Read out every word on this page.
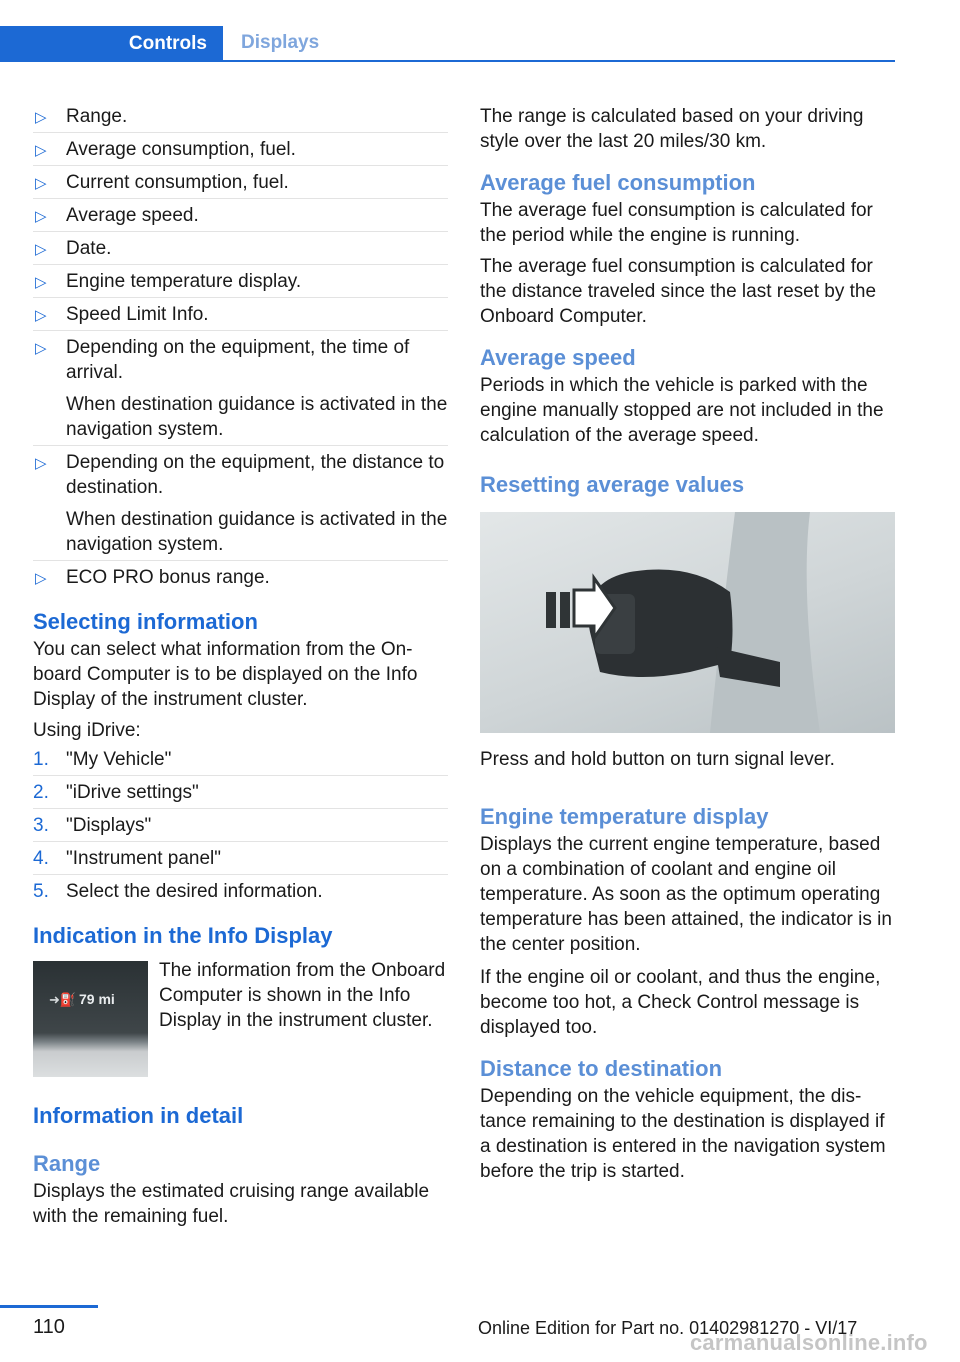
Controls Displays
▷ Range.
▷ Average consumption, fuel.
▷ Current consumption, fuel.
▷ Average speed.
▷ Date.
▷ Engine temperature display.
▷ Speed Limit Info.
▷ Depending on the equipment, the time of arrival.

When destination guidance is activated in the navigation system.

▷ Depending on the equipment, the distance to destination.

When destination guidance is activated in the navigation system.

▷ ECO PRO bonus range.
Selecting information

You can select what information from the Onboard Computer is to be displayed on the Info Display of the instrument cluster.

Using iDrive:

1. "My Vehicle"
2. "iDrive settings"
3. "Displays"
4. "Instrument panel"
5. Select the desired information.
Indication in the Info Display
➜⛽ 79 mi

The information from the Onboard Computer is shown in the Info Display in the instrument cluster.

Information in detail
Range

Displays the estimated cruising range available with the remaining fuel.

The range is calculated based on your driving style over the last 20 miles/30 km.

Average fuel consumption

The average fuel consumption is calculated for the period while the engine is running.

The average fuel consumption is calculated for the distance traveled since the last reset by the Onboard Computer.

Average speed

Periods in which the vehicle is parked with the engine manually stopped are not included in the calculation of the average speed.

Resetting average values

Press and hold button on turn signal lever.

Engine temperature display

Displays the current engine temperature, based on a combination of coolant and engine oil temperature. As soon as the optimum operating temperature has been attained, the indicator is in the center position.

If the engine oil or coolant, and thus the engine, become too hot, a Check Control message is displayed too.

Distance to destination

Depending on the vehicle equipment, the distance remaining to the destination is displayed if a destination is entered in the navigation system before the trip is started.

110	Online Edition for Part no. 01402981270 - VI/17
carmanualsonline.info
